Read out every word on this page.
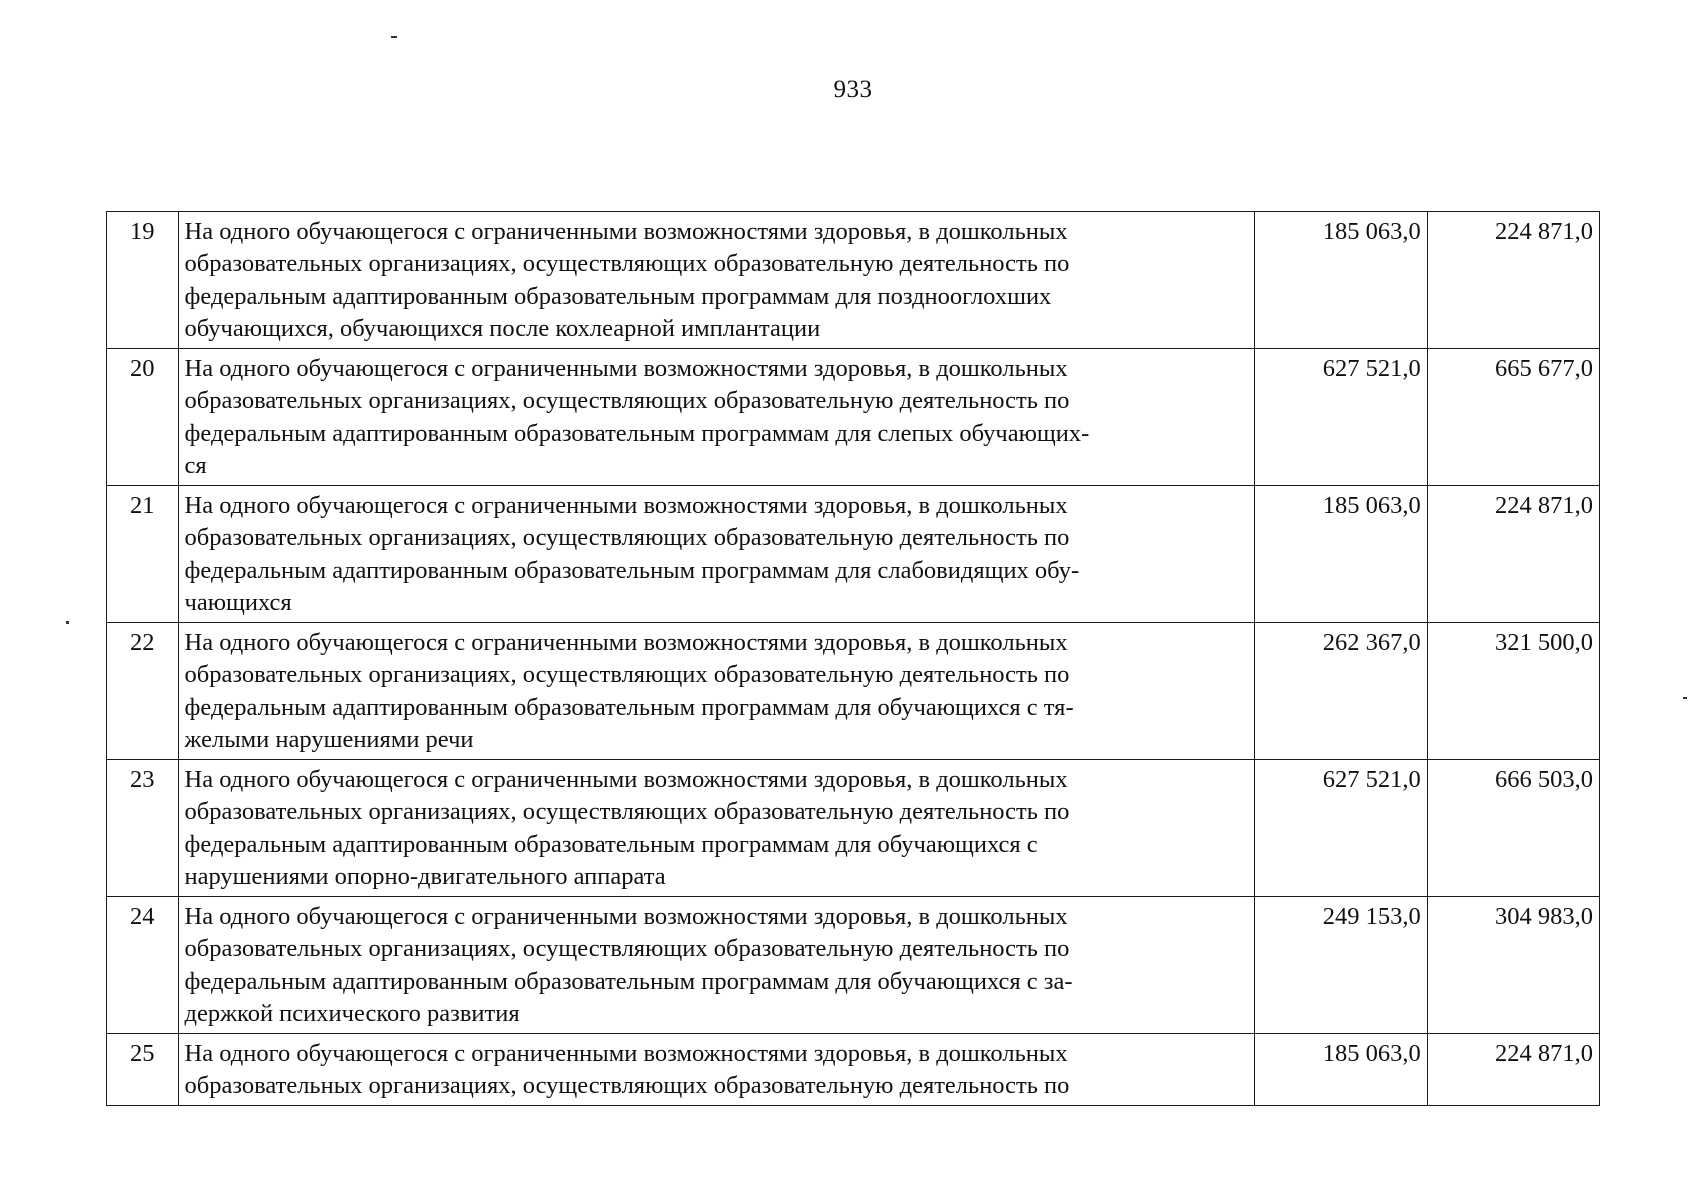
933
19	На одного обучающегося с ограниченными возможностями здоровья, в дошкольных
образовательных организациях, осуществляющих образовательную деятельность по
федеральным адаптированным образовательным программам для позднооглохших
обучающихся, обучающихся после кохлеарной имплантации	185 063,0	224 871,0
20	На одного обучающегося с ограниченными возможностями здоровья, в дошкольных
образовательных организациях, осуществляющих образовательную деятельность по
федеральным адаптированным образовательным программам для слепых обучающих-
ся	627 521,0	665 677,0
21	На одного обучающегося с ограниченными возможностями здоровья, в дошкольных
образовательных организациях, осуществляющих образовательную деятельность по
федеральным адаптированным образовательным программам для слабовидящих обу-
чающихся	185 063,0	224 871,0
22	На одного обучающегося с ограниченными возможностями здоровья, в дошкольных
образовательных организациях, осуществляющих образовательную деятельность по
федеральным адаптированным образовательным программам для обучающихся с тя-
желыми нарушениями речи	262 367,0	321 500,0
23	На одного обучающегося с ограниченными возможностями здоровья, в дошкольных
образовательных организациях, осуществляющих образовательную деятельность по
федеральным адаптированным образовательным программам для обучающихся с
нарушениями опорно-двигательного аппарата	627 521,0	666 503,0
24	На одного обучающегося с ограниченными возможностями здоровья, в дошкольных
образовательных организациях, осуществляющих образовательную деятельность по
федеральным адаптированным образовательным программам для обучающихся с за-
держкой психического развития	249 153,0	304 983,0
25	На одного обучающегося с ограниченными возможностями здоровья, в дошкольных
образовательных организациях, осуществляющих образовательную деятельность по	185 063,0	224 871,0
